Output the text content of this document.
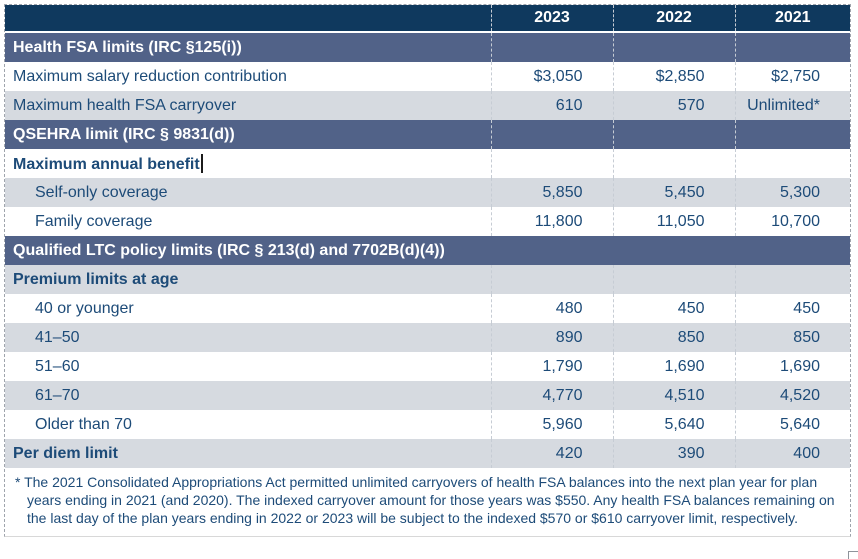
	2023	2022	2021
Health FSA limits (IRC §125(i))			
Maximum salary reduction contribution	$3,050	$2,850	$2,750
Maximum health FSA carryover	610	570	Unlimited*
QSEHRA limit (IRC § 9831(d))			
Maximum annual benefit			
Self-only coverage	5,850	5,450	5,300
Family coverage	11,800	11,050	10,700
Qualified LTC policy limits (IRC § 213(d) and 7702B(d)(4))			
Premium limits at age			
40 or younger	480	450	450
41–50	890	850	850
51–60	1,790	1,690	1,690
61–70	4,770	4,510	4,520
Older than 70	5,960	5,640	5,640
Per diem limit	420	390	400

* The 2021 Consolidated Appropriations Act permitted unlimited carryovers of health FSA balances into the next plan year for plan years ending in 2021 (and 2020). The indexed carryover amount for those years was $550. Any health FSA balances remaining on the last day of the plan years ending in 2022 or 2023 will be subject to the indexed $570 or $610 carryover limit, respectively.			
